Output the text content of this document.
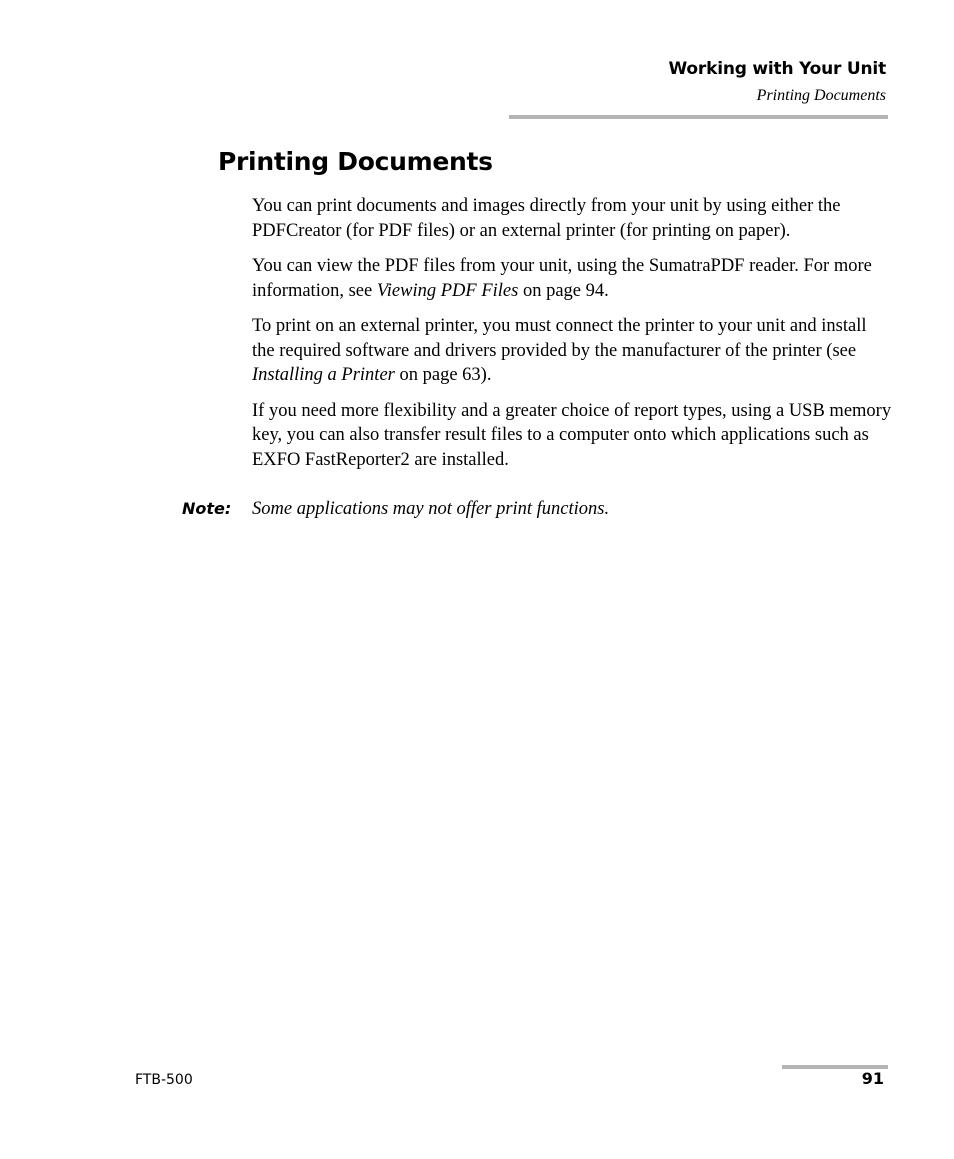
Working with Your Unit
Printing Documents
Printing Documents

You can print documents and images directly from your unit by using either the PDFCreator (for PDF files) or an external printer (for printing on paper).

You can view the PDF files from your unit, using the SumatraPDF reader. For more information, see Viewing PDF Files on page 94.

To print on an external printer, you must connect the printer to your unit and install the required software and drivers provided by the manufacturer of the printer (see Installing a Printer on page 63).

If you need more flexibility and a greater choice of report types, using a USB memory key, you can also transfer result files to a computer onto which applications such as EXFO FastReporter2 are installed.

Note: Some applications may not offer print functions.
FTB-500	91
